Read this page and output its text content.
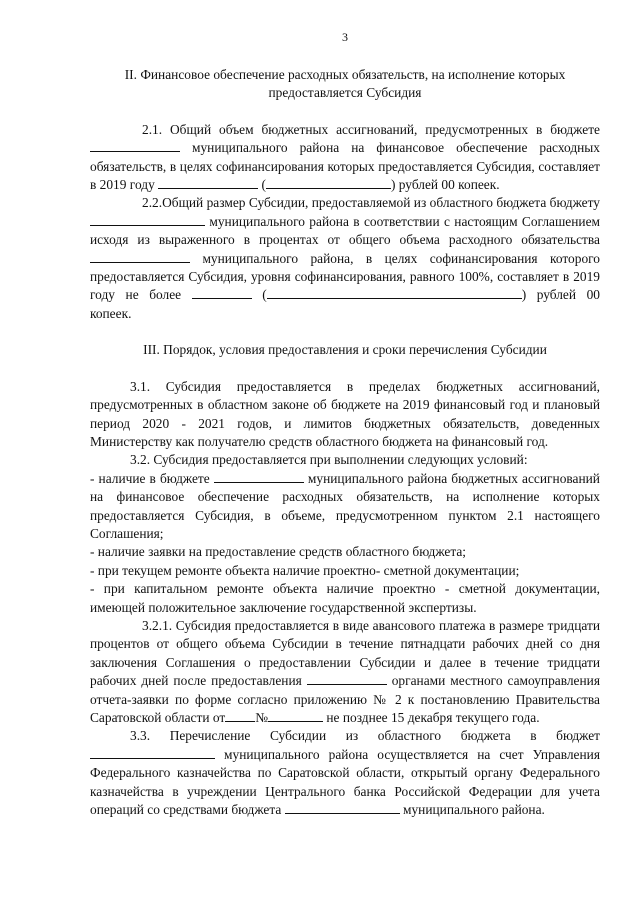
3
II. Финансовое обеспечение расходных обязательств, на исполнение которых предоставляется Субсидия

2.1. Общий объем бюджетных ассигнований, предусмотренных в бюджете  муниципального района на финансовое обеспечение расходных обязательств, в целях софинансирования которых предоставляется Субсидия, составляет в 2019 году	(	) рублей 00 копеек.

2.2.Общий размер Субсидии, предоставляемой из областного бюджета бюджету  муниципального района в соответствии с настоящим Соглашением исходя из выраженного в процентах от общего объема расходного обязательства  муниципального района, в целях софинансирования которого предоставляется Субсидия, уровня софинансирования, равного 100%, составляет в 2019 году не более	(	) рублей 00 копеек.

III. Порядок, условия предоставления и сроки перечисления Субсидии

3.1. Субсидия предоставляется в пределах бюджетных ассигнований, предусмотренных в областном законе об бюджете на 2019 финансовый год и плановый период 2020 - 2021 годов, и лимитов бюджетных обязательств, доведенных Министерству как получателю средств областного бюджета на финансовый год.

3.2. Субсидия предоставляется при выполнении следующих условий:

- наличие в бюджете	муниципального района бюджетных ассигнований на финансовое обеспечение расходных обязательств, на исполнение которых предоставляется Субсидия, в объеме, предусмотренном пунктом 2.1 настоящего Соглашения;

- наличие заявки на предоставление средств областного бюджета;

- при текущем ремонте объекта наличие проектно- сметной документации;

- при капитальном ремонте объекта наличие проектно - сметной документации, имеющей положительное заключение государственной экспертизы.

3.2.1. Субсидия предоставляется в виде авансового платежа в размере тридцати процентов от общего объема Субсидии в течение пятнадцати рабочих дней со дня заключения Соглашения о предоставлении Субсидии и далее в течение тридцати рабочих дней после предоставления	органами местного самоуправления отчета-заявки по форме согласно приложению № 2 к постановлению Правительства Саратовской области от №	не позднее 15 декабря текущего года.

3.3. Перечисление Субсидии из областного бюджета в бюджет  муниципального района осуществляется на счет Управления Федерального казначейства по Саратовской области, открытый органу Федерального казначейства в учреждении Центрального банка Российской Федерации для учета операций со средствами бюджета	муниципального района.
